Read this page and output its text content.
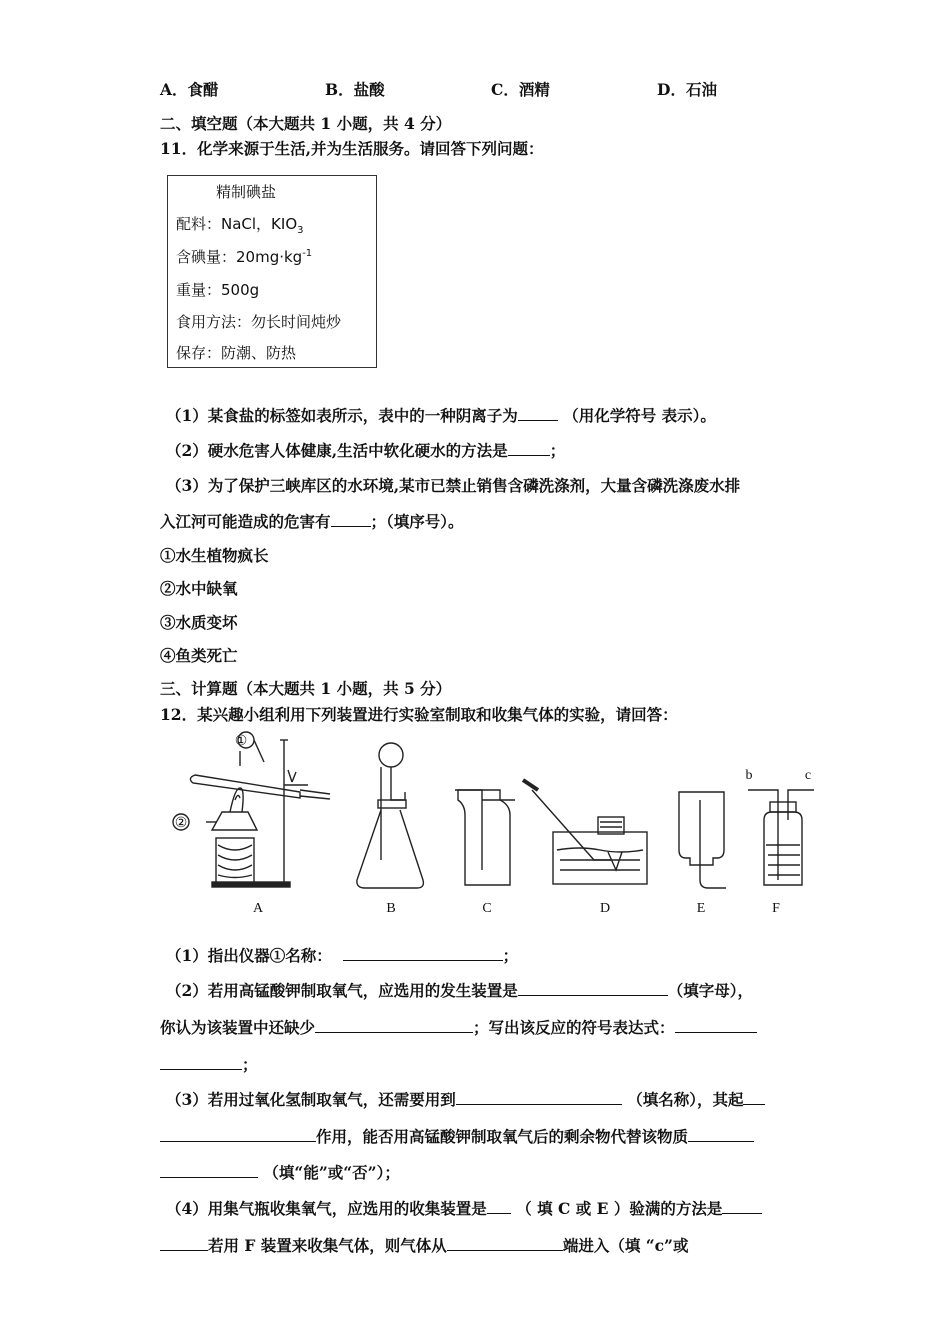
A．食醋	B．盐酸	C．酒精	D．石油
二、填空题（本大题共 1 小题，共 4 分）
11．化学来源于生活,并为生活服务。请回答下列问题：
精制碘盐
配料：NaCl，$KIO_3$
含碘量：$20mg\cdot kg^{-1}$
重量：500g
食用方法：勿长时间炖炒
保存：防潮、防热
（1）某食盐的标签如表所示，表中的一种阴离子为	（用化学符号 表示）。
（2）硬水危害人体健康,生活中软化硬水的方法是	；
（3）为了保护三峡库区的水环境,某市已禁止销售含磷洗涤剂，大量含磷洗涤废水排
入江河可能造成的危害有	；（填序号）。
①水生植物疯长
②水中缺氧
③水质变坏
④鱼类死亡
三、计算题（本大题共 1 小题，共 5 分）
12．某兴趣小组利用下列装置进行实验室制取和收集气体的实验，请回答：
①
②
A	B	C	D	E
b	c
F
（1）指出仪器①名称：	；
（2）若用高锰酸钾制取氧气，应选用的发生装置是	（填字母），
你认为该装置中还缺少	；写出该反应的符号表达式：
；
（3）若用过氧化氢制取氧气，还需要用到	（填名称），其起
作用，能否用高锰酸钾制取氧气后的剩余物代替该物质
（填“能”或“否”）；
（4）用集气瓶收集氧气，应选用的收集装置是 （ 填 C 或 E ）验满的方法是
若用 F 装置来收集气体，则气体从	端进入（填 “c”或
